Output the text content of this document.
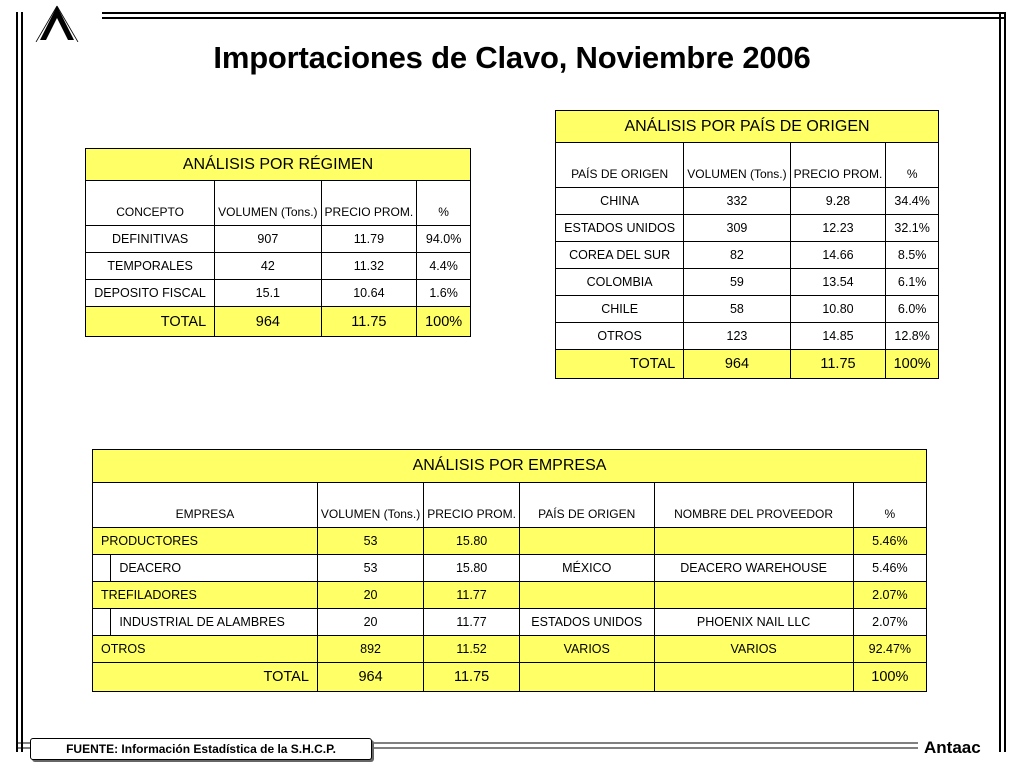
Importaciones de Clavo, Noviembre 2006
ANÁLISIS POR RÉGIMEN			
CONCEPTO	VOLUMEN (Tons.)	PRECIO PROM.	%
DEFINITIVAS	907	11.79	94.0%
TEMPORALES	42	11.32	4.4%
DEPOSITO FISCAL	15.1	10.64	1.6%
TOTAL	964	11.75	100%
ANÁLISIS POR PAÍS DE ORIGEN			
PAÍS DE ORIGEN	VOLUMEN (Tons.)	PRECIO PROM.	%
CHINA	332	9.28	34.4%
ESTADOS UNIDOS	309	12.23	32.1%
COREA DEL SUR	82	14.66	8.5%
COLOMBIA	59	13.54	6.1%
CHILE	58	10.80	6.0%
OTROS	123	14.85	12.8%
TOTAL	964	11.75	100%
ANÁLISIS POR EMPRESA						
EMPRESA		VOLUMEN (Tons.)	PRECIO PROM.	PAÍS DE ORIGEN	NOMBRE DEL PROVEEDOR	%
PRODUCTORES		53	15.80			5.46%
	DEACERO	53	15.80	MÉXICO	DEACERO WAREHOUSE	5.46%
TREFILADORES		20	11.77			2.07%
	INDUSTRIAL DE ALAMBRES	20	11.77	ESTADOS UNIDOS	PHOENIX NAIL LLC	2.07%
OTROS		892	11.52	VARIOS	VARIOS	92.47%
TOTAL		964	11.75			100%
FUENTE: Información Estadística de la S.H.C.P.	Antaac
